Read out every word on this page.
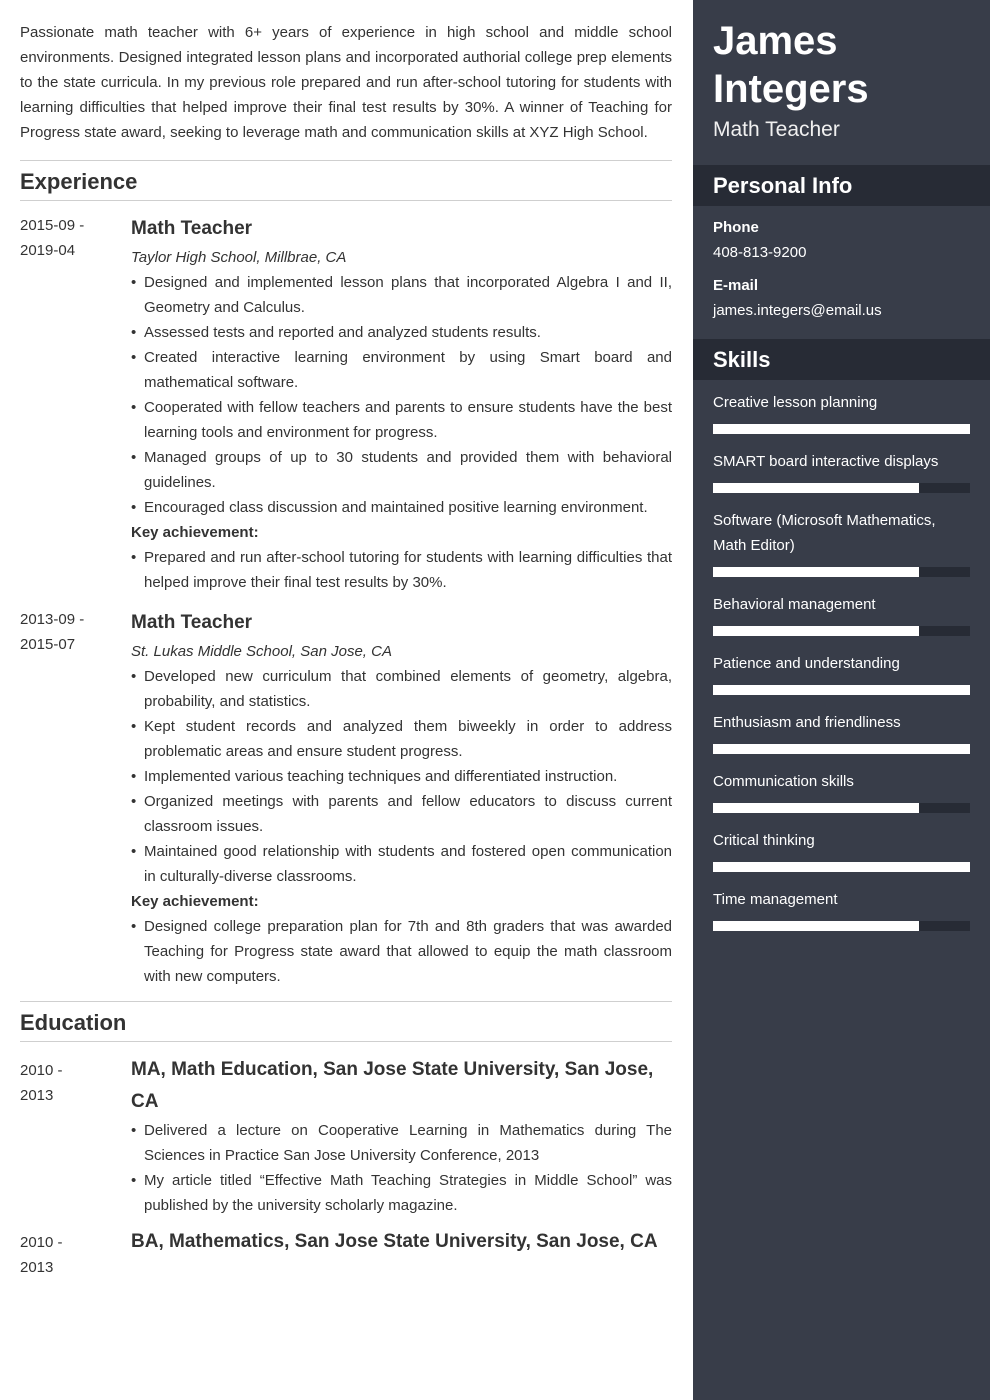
Passionate math teacher with 6+ years of experience in high school and middle school environments. Designed integrated lesson plans and incorporated authorial college prep elements to the state curricula. In my previous role prepared and run after-school tutoring for students with learning difficulties that helped improve their final test results by 30%. A winner of Teaching for Progress state award, seeking to leverage math and communication skills at XYZ High School.

Experience
2015-09 -
2019-04
Math Teacher
Taylor High School, Millbrae, CA
• Designed and implemented lesson plans that incorporated Algebra I and II, Geometry and Calculus.
• Assessed tests and reported and analyzed students results.
• Created interactive learning environment by using Smart board and mathematical software.
• Cooperated with fellow teachers and parents to ensure students have the best learning tools and environment for progress.
• Managed groups of up to 30 students and provided them with behavioral guidelines.
• Encouraged class discussion and maintained positive learning environment.
Key achievement:
• Prepared and run after-school tutoring for students with learning difficulties that helped improve their final test results by 30%.
2013-09 -
2015-07
Math Teacher
St. Lukas Middle School, San Jose, CA
• Developed new curriculum that combined elements of geometry, algebra, probability, and statistics.
• Kept student records and analyzed them biweekly in order to address problematic areas and ensure student progress.
• Implemented various teaching techniques and differentiated instruction.
• Organized meetings with parents and fellow educators to discuss current classroom issues.
• Maintained good relationship with students and fostered open communication in culturally-diverse classrooms.
Key achievement:
• Designed college preparation plan for 7th and 8th graders that was awarded Teaching for Progress state award that allowed to equip the math classroom with new computers.
Education
2010 -
2013
MA, Math Education, San Jose State University, San Jose, CA
• Delivered a lecture on Cooperative Learning in Mathematics during The Sciences in Practice San Jose University Conference, 2013
• My article titled “Effective Math Teaching Strategies in Middle School” was published by the university scholarly magazine.
2010 -
2013
BA, Mathematics, San Jose State University, San Jose, CA
James Integers
Math Teacher
Personal Info
Phone
408-813-9200
E-mail
james.integers@email.us
Skills
Creative lesson planning
SMART board interactive displays
Software (Microsoft Mathematics, Math Editor)
Behavioral management
Patience and understanding
Enthusiasm and friendliness
Communication skills
Critical thinking
Time management
